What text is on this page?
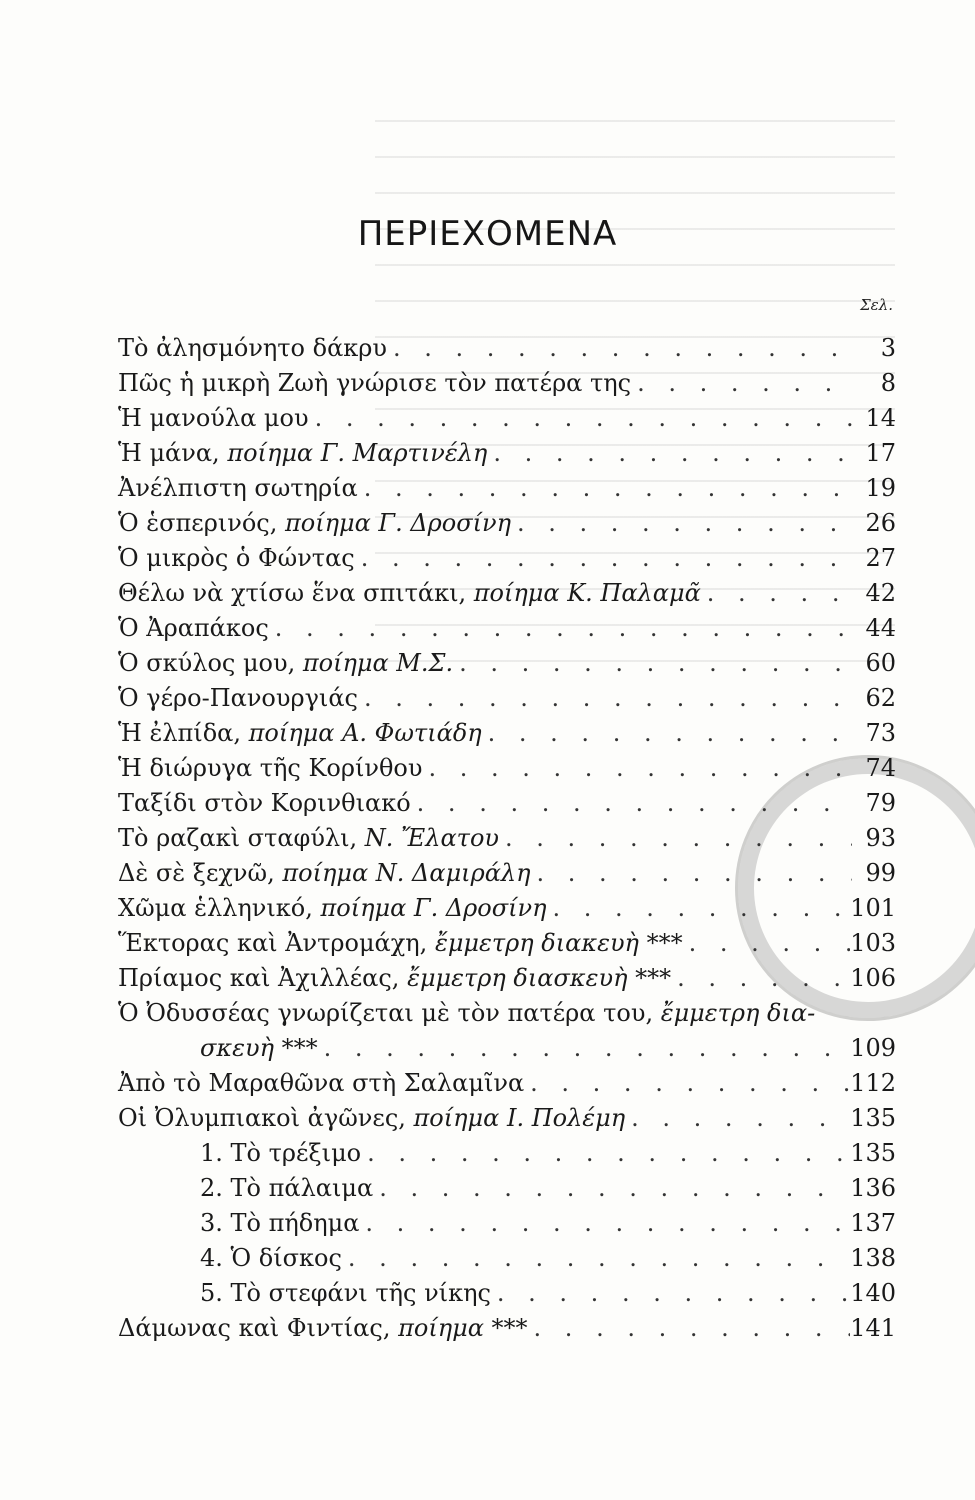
ΠΕΡΙΕΧΟΜΕΝΑ
Σελ.
Τὸ ἀλησμόνητο δάκρυ . . .	3
Πῶς ἡ μικρὴ Ζωὴ γνώρισε τὸν πατέρα της . . .	8
Ἡ μανούλα μου . . .	14
Ἡ μάνα, ποίημα Γ. Μαρτινέλη . . .	17
Ἀνέλπιστη σωτηρία . . .	19
Ὁ ἑσπερινός, ποίημα Γ. Δροσίνη . . .	26
Ὁ μικρὸς ὁ Φώντας . . .	27
Θέλω νὰ χτίσω ἕνα σπιτάκι, ποίημα Κ. Παλαμᾶ . . .	42
Ὁ Ἀραπάκος . . .	44
Ὁ σκύλος μου, ποίημα Μ.Σ. . . .	60
Ὁ γέρο-Πανουργιάς . . .	62
Ἡ ἐλπίδα, ποίημα Α. Φωτιάδη . . .	73
Ἡ διώρυγα τῆς Κορίνθου . . .	74
Ταξίδι στὸν Κορινθιακό . . .	79
Τὸ ραζακὶ σταφύλι, Ν. Ἔλατου . . .	93
Δὲ σὲ ξεχνῶ, ποίημα Ν. Δαμιράλη . . .	99
Χῶμα ἑλληνικό, ποίημα Γ. Δροσίνη . . .	101
Ἕκτορας καὶ Ἀντρομάχη, ἔμμετρη διακευὴ *** . . .	103
Πρίαμος καὶ Ἀχιλλέας, ἔμμετρη διασκευὴ *** . . .	106
Ὁ Ὀδυσσέας γνωρίζεται μὲ τὸν πατέρα του, ἔμμετρη δια-
σκευὴ *** . . .	109
Ἀπὸ τὸ Μαραθῶνα στὴ Σαλαμῖνα . . .	112
Οἱ Ὀλυμπιακοὶ ἀγῶνες, ποίημα Ι. Πολέμη . . .	135
1. Τὸ τρέξιμο . . .	135
2. Τὸ πάλαιμα . . .	136
3. Τὸ πήδημα . . .	137
4. Ὁ δίσκος . . .	138
5. Τὸ στεφάνι τῆς νίκης . . .	140
Δάμωνας καὶ Φιντίας, ποίημα *** . . .	141
